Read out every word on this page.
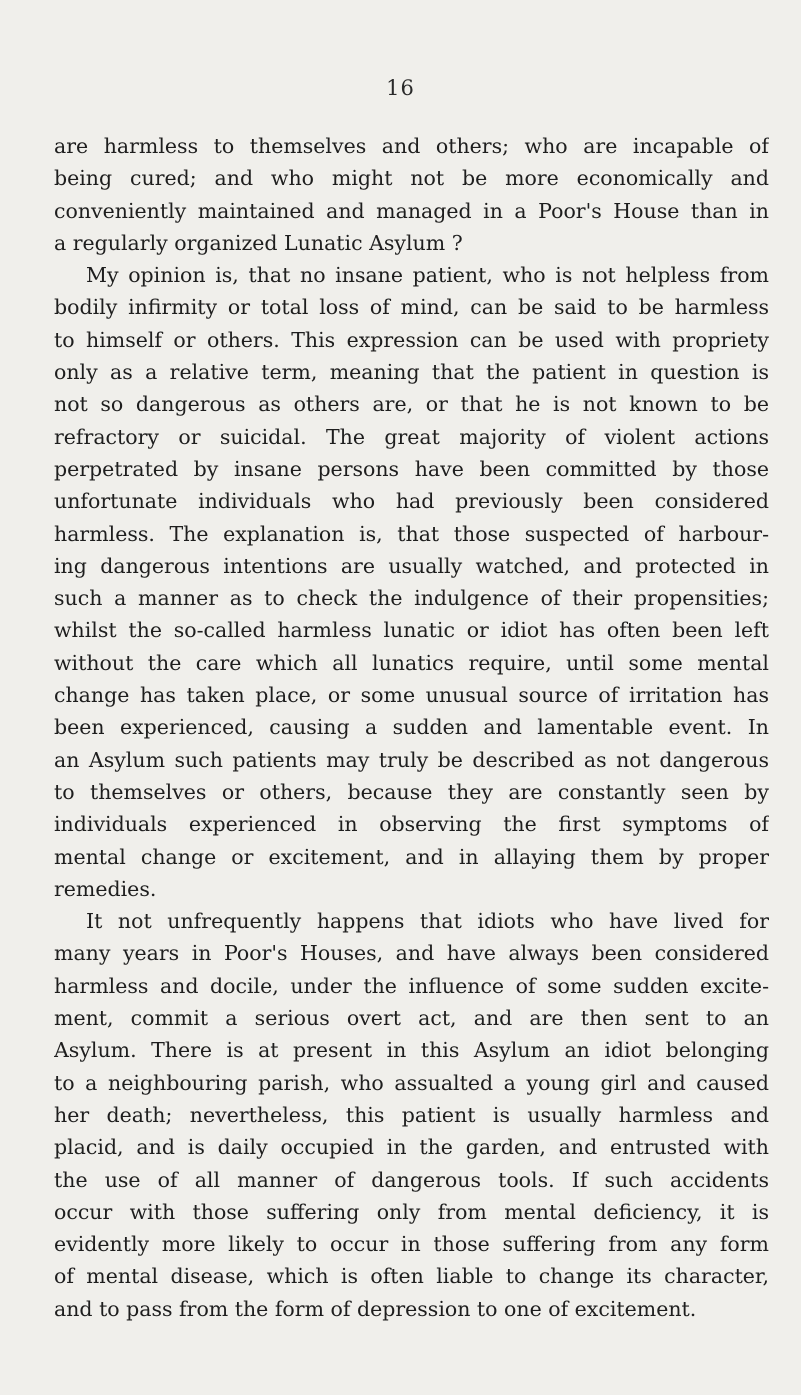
16
are harmless to themselves and others; who are incapable of
being cured; and who might not be more economically and
conveniently maintained and managed in a Poor's House than in
a regularly organized Lunatic Asylum ?
My opinion is, that no insane patient, who is not helpless from
bodily infirmity or total loss of mind, can be said to be harmless
to himself or others. This expression can be used with propriety
only as a relative term, meaning that the patient in question is
not so dangerous as others are, or that he is not known to be
refractory or suicidal. The great majority of violent actions
perpetrated by insane persons have been committed by those
unfortunate individuals who had previously been considered
harmless. The explanation is, that those suspected of harbour-
ing dangerous intentions are usually watched, and protected in
such a manner as to check the indulgence of their propensities;
whilst the so-called harmless lunatic or idiot has often been left
without the care which all lunatics require, until some mental
change has taken place, or some unusual source of irritation has
been experienced, causing a sudden and lamentable event. In
an Asylum such patients may truly be described as not dangerous
to themselves or others, because they are constantly seen by
individuals experienced in observing the first symptoms of
mental change or excitement, and in allaying them by proper
remedies.
It not unfrequently happens that idiots who have lived for
many years in Poor's Houses, and have always been considered
harmless and docile, under the influence of some sudden excite-
ment, commit a serious overt act, and are then sent to an
Asylum. There is at present in this Asylum an idiot belonging
to a neighbouring parish, who assualted a young girl and caused
her death; nevertheless, this patient is usually harmless and
placid, and is daily occupied in the garden, and entrusted with
the use of all manner of dangerous tools. If such accidents
occur with those suffering only from mental deficiency, it is
evidently more likely to occur in those suffering from any form
of mental disease, which is often liable to change its character,
and to pass from the form of depression to one of excitement.
